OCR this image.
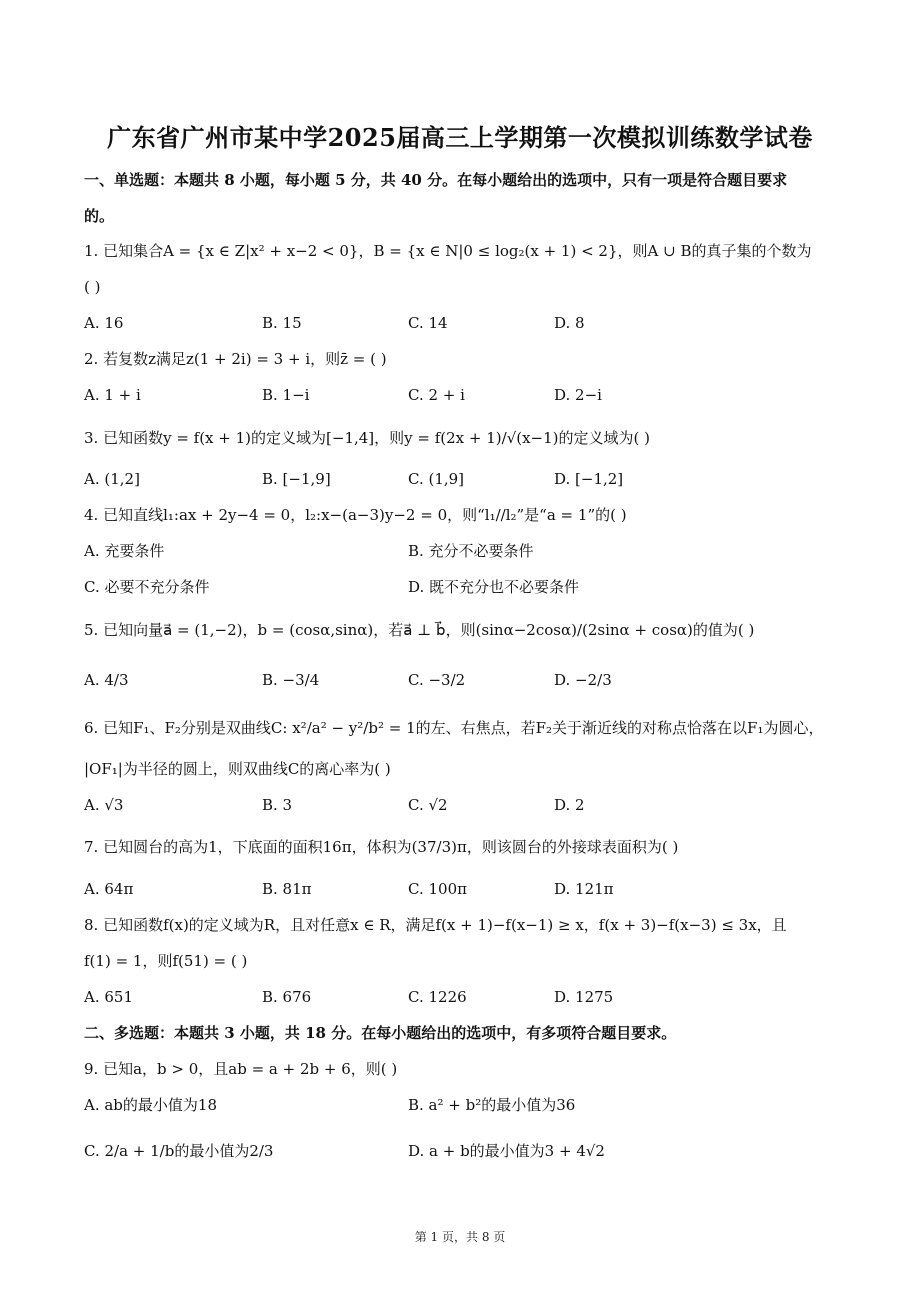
广东省广州市某中学2025届高三上学期第一次模拟训练数学试卷
一、单选题：本题共 8 小题，每小题 5 分，共 40 分。在每小题给出的选项中，只有一项是符合题目要求
的。
1. 已知集合A = {x ∈ Z|x² + x−2 < 0}，B = {x ∈ N|0 ≤ log₂(x + 1) < 2}，则A ∪ B的真子集的个数为
( )
A. 16	B. 15	C. 14	D. 8
2. 若复数z满足z(1 + 2i) = 3 + i，则z̄ = ( )
A. 1 + i	B. 1−i	C. 2 + i	D. 2−i
3. 已知函数y = f(x + 1)的定义域为[−1,4]，则y = f(2x + 1)/√(x−1)的定义域为( )
A. (1,2]	B. [−1,9]	C. (1,9]	D. [−1,2]
4. 已知直线l₁:ax + 2y−4 = 0，l₂:x−(a−3)y−2 = 0，则“l₁//l₂”是“a = 1”的( )
A. 充要条件	B. 充分不必要条件
C. 必要不充分条件	D. 既不充分也不必要条件
5. 已知向量a⃗ = (1,−2)，b = (cosα,sinα)，若a⃗ ⊥ b⃗，则(sinα−2cosα)/(2sinα + cosα)的值为( )
A. 4/3	B. −3/4	C. −3/2	D. −2/3
6. 已知F₁、F₂分别是双曲线C: x²/a² − y²/b² = 1的左、右焦点，若F₂关于渐近线的对称点恰落在以F₁为圆心，
|OF₁|为半径的圆上，则双曲线C的离心率为( )
A. √3	B. 3	C. √2	D. 2
7. 已知圆台的高为1，下底面的面积16π，体积为(37/3)π，则该圆台的外接球表面积为( )
A. 64π	B. 81π	C. 100π	D. 121π
8. 已知函数f(x)的定义域为R，且对任意x ∈ R，满足f(x + 1)−f(x−1) ≥ x，f(x + 3)−f(x−3) ≤ 3x，且
f(1) = 1，则f(51) = ( )
A. 651	B. 676	C. 1226	D. 1275
二、多选题：本题共 3 小题，共 18 分。在每小题给出的选项中，有多项符合题目要求。
9. 已知a，b > 0，且ab = a + 2b + 6，则( )
A. ab的最小值为18	B. a² + b²的最小值为36
C. 2/a + 1/b的最小值为2/3	D. a + b的最小值为3 + 4√2
第 1 页，共 8 页
